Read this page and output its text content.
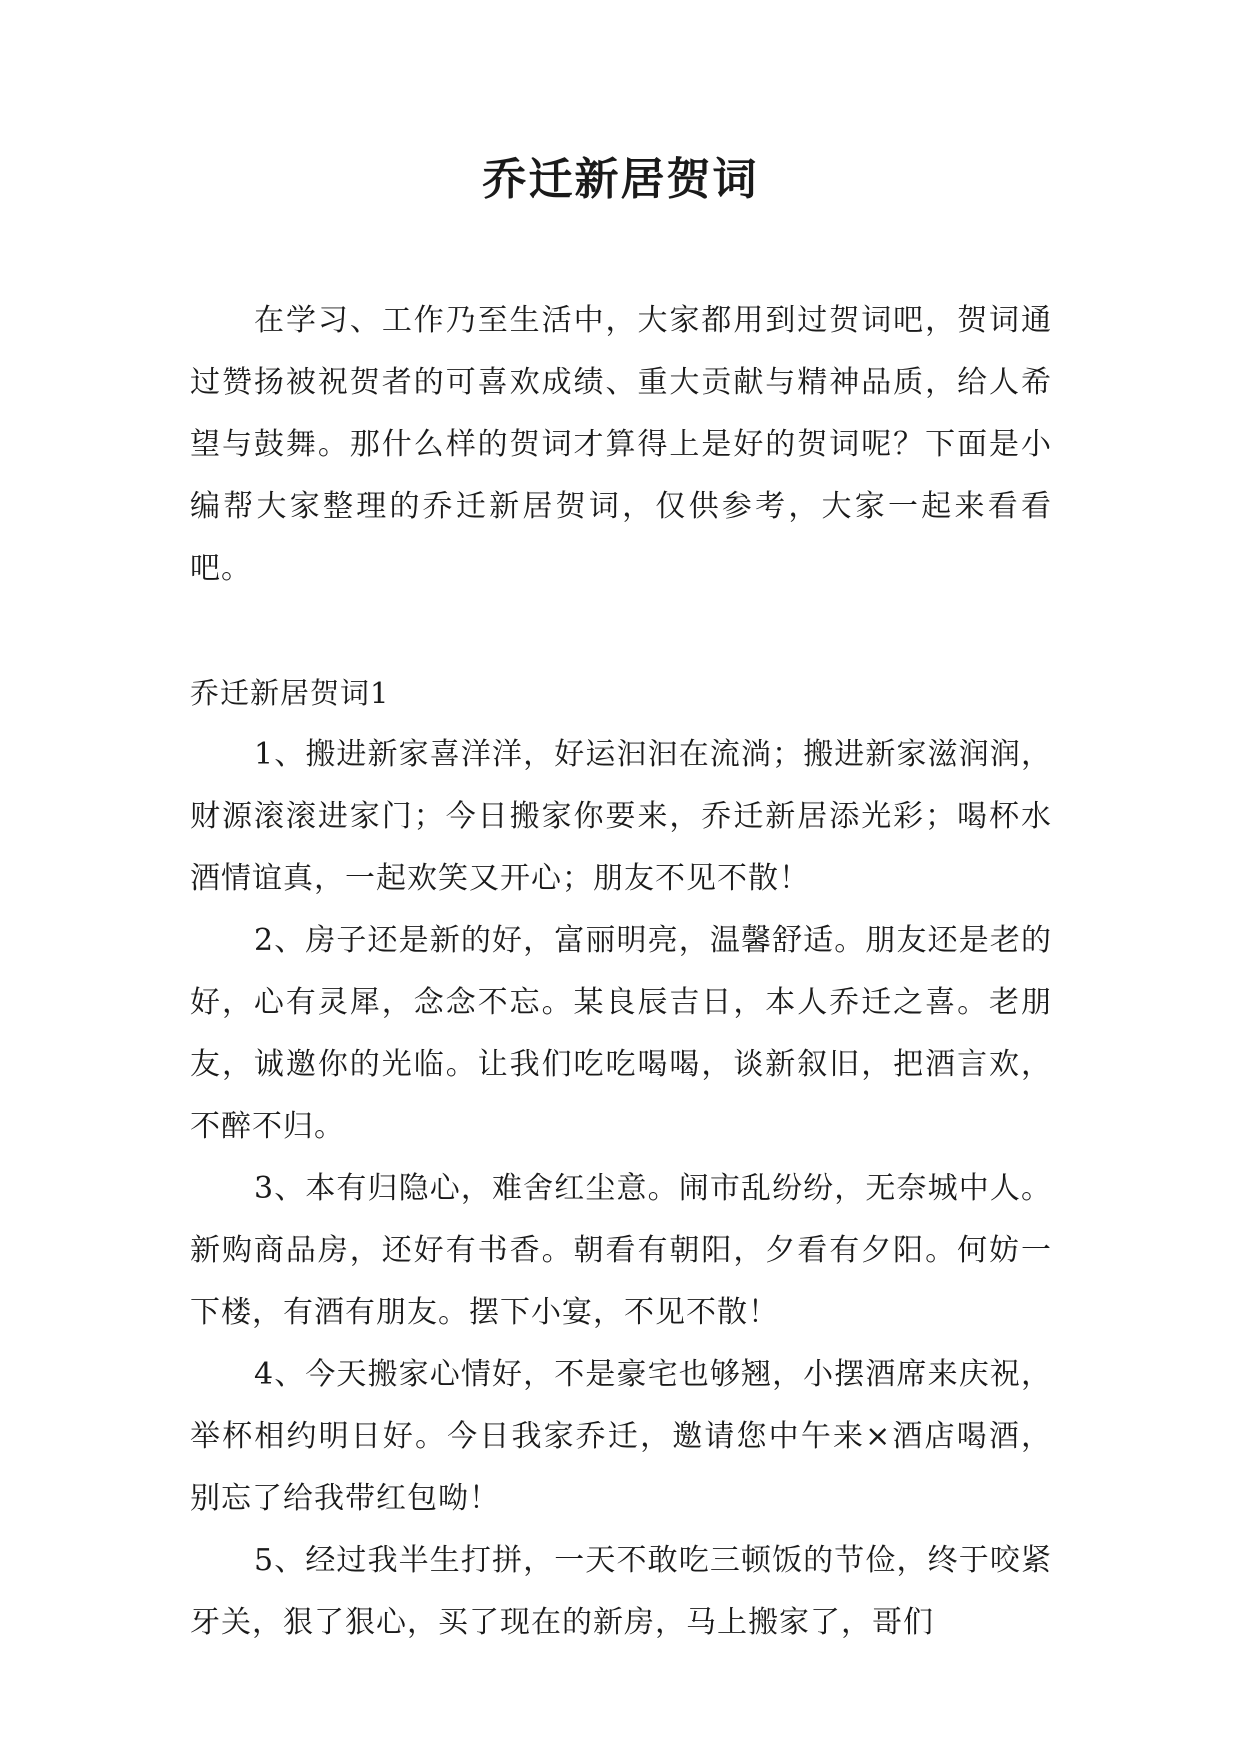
乔迁新居贺词

在学习、工作乃至生活中，大家都用到过贺词吧，贺词通过赞扬被祝贺者的可喜欢成绩、重大贡献与精神品质，给人希望与鼓舞。那什么样的贺词才算得上是好的贺词呢？下面是小编帮大家整理的乔迁新居贺词，仅供参考，大家一起来看看吧。

乔迁新居贺词1

1、搬进新家喜洋洋，好运汩汩在流淌；搬进新家滋润润，财源滚滚进家门；今日搬家你要来，乔迁新居添光彩；喝杯水酒情谊真，一起欢笑又开心；朋友不见不散！

2、房子还是新的好，富丽明亮，温馨舒适。朋友还是老的好，心有灵犀，念念不忘。某良辰吉日，本人乔迁之喜。老朋友，诚邀你的光临。让我们吃吃喝喝，谈新叙旧，把酒言欢，不醉不归。

3、本有归隐心，难舍红尘意。闹市乱纷纷，无奈城中人。新购商品房，还好有书香。朝看有朝阳，夕看有夕阳。何妨一下楼，有酒有朋友。摆下小宴，不见不散！

4、今天搬家心情好，不是豪宅也够翘，小摆酒席来庆祝，举杯相约明日好。今日我家乔迁，邀请您中午来×酒店喝酒，别忘了给我带红包呦！

5、经过我半生打拼，一天不敢吃三顿饭的节俭，终于咬紧牙关，狠了狠心，买了现在的新房，马上搬家了，哥们
